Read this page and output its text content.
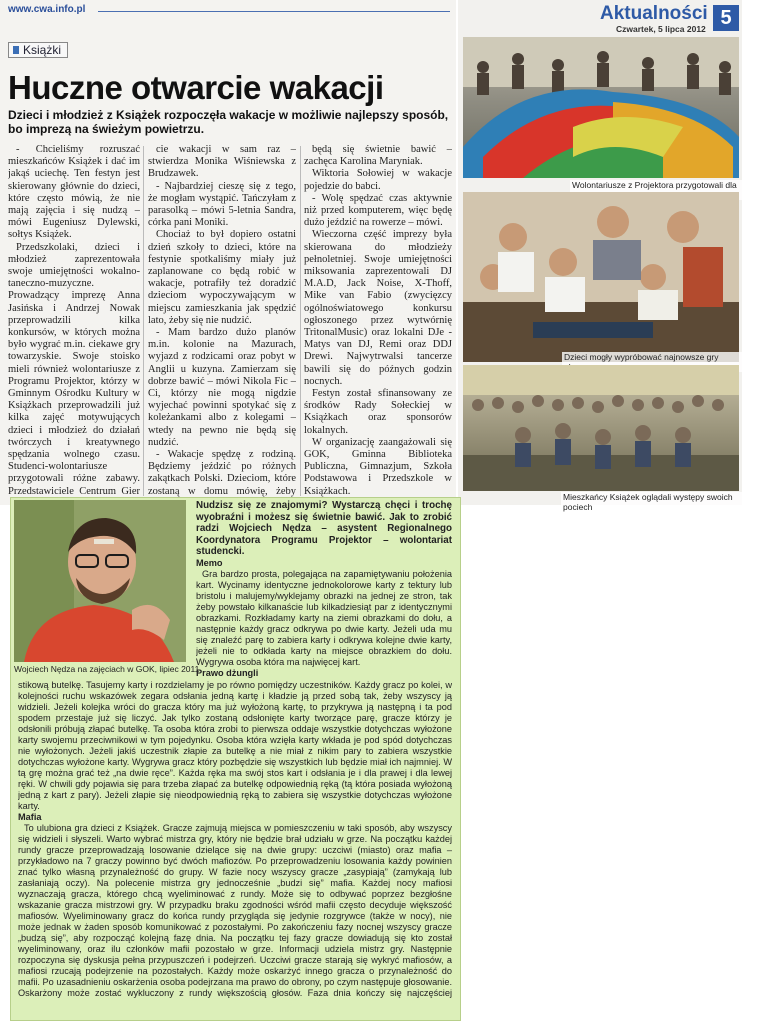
www.cwa.info.pl
Książki
Huczne otwarcie wakacji
Dzieci i młodzież z Książek rozpoczęła wakacje w możliwie najlepszy sposób, bo imprezą na świeżym powietrzu.

- Chcieliśmy rozruszać mieszkańców Książek i dać im jakąś uciechę. Ten festyn jest skierowany głównie do dzieci, które często mówią, że nie mają zajęcia i się nudzą – mówi Eugeniusz Dylewski, sołtys Książek.

Przedszkolaki, dzieci i młodzież zaprezentowała swoje umiejętności wokalno-taneczno-muzyczne. Prowadzący imprezę Anna Jasińska i Andrzej Nowak przeprowadzili kilka konkursów, w których można było wygrać m.in. ciekawe gry towarzyskie. Swoje stoisko mieli również wolontariusze z Programu Projektor, którzy w Gminnym Ośrodku Kultury w Książkach przeprowadzili już kilka zajęć motywujących dzieci i młodzież do działań twórczych i kreatywnego spędzania wolnego czasu. Studenci-wolontariusze przygotowali różne zabawy. Przedstawiciele Centrum Gier

cie wakacji w sam raz – stwierdza Monika Wiśniewska z Brudzawek.

- Najbardziej cieszę się z tego, że mogłam wystąpić. Tańczyłam z parasolką – mówi 5-letnia Sandra, córka pani Moniki.

Chociaż to był dopiero ostatni dzień szkoły to dzieci, które na festynie spotkaliśmy miały już zaplanowane co będą robić w wakacje, potrafiły też doradzić dzieciom wypoczywającym w miejscu zamieszkania jak spędzić lato, żeby się nie nudzić.

- Mam bardzo dużo planów m.in. kolonie na Mazurach, wyjazd z rodzicami oraz pobyt w Anglii u kuzyna. Zamierzam się dobrze bawić – mówi Nikola Fic – Ci, którzy nie mogą nigdzie wyjechać powinni spotykać się z koleżankami albo z kolegami – wtedy na pewno nie będą się nudzić.

- Wakacje spędzę z rodziną. Będziemy jeździć po różnych zakątkach Polski. Dzieciom, które zostaną w domu mówię, żeby

będą się świetnie bawić – zachęca Karolina Maryniak.

Wiktoria Sołowiej w wakacje pojedzie do babci.

- Wolę spędzać czas aktywnie niż przed komputerem, więc będę dużo jeździć na rowerze – mówi.

Wieczorna część imprezy była skierowana do młodzieży pełnoletniej. Swoje umiejętności miksowania zaprezentowali DJ M.A.D, Jack Noise, X-Thoff, Mike van Fabio (zwycięzcy ogólnoświatowego konkursu ogłoszonego przez wytwórnię TritonalMusic) oraz lokalni DJe - Matys van DJ, Remi oraz DDJ Drewi. Najwytrwalsi tancerze bawili się do późnych godzin nocnych.

Festyn został sfinansowany ze środków Rady Sołeckiej w Książkach oraz sponsorów lokalnych.

W organizację zaangażowali się GOK, Gminna Biblioteka Publiczna, Gimnazjum, Szkoła Podstawowa i Przedszkole w Książkach.

Aktualności 5
Czwartek, 5 lipca 2012
Wolontariusze z Projektora przygotowali dla
Dzieci mogły wypróbować najnowsze gry
Mieszkańcy Książek oglądali występy swoich pociech
Wojciech Nędza na zajęciach w GOK, lipiec 2011

Nudzisz się ze znajomymi? Wystarczą chęci i trochę wyobraźni i możesz się świetnie bawić. Jak to zrobić radzi Wojciech Nędza – asystent Regionalnego Koordynatora Programu Projektor – wolontariat studencki.

Memo

Gra bardzo prosta, polegająca na zapamiętywaniu położenia kart. Wycinamy identyczne jednokolorowe karty z tektury lub bristolu i malujemy/wyklejamy obrazki na jednej ze stron, tak żeby powstało kilkanaście lub kilkadziesiąt par z identycznymi obrazkami. Rozkładamy karty na ziemi obrazkami do dołu, a następnie każdy gracz odkrywa po dwie karty. Jeżeli uda mu się znaleźć parę to zabiera karty i odkrywa kolejne dwie karty, jeżeli nie to odkłada karty na miejsce obrazkiem do dołu. Wygrywa osoba która ma najwięcej kart.

Prawo dżungli

stikową butelkę. Tasujemy karty i rozdzielamy je po równo pomiędzy uczestników. Każdy gracz po kolei, w kolejności ruchu wskazówek zegara odsłania jedną kartę i kładzie ją przed sobą tak, żeby wszyscy ją widzieli. Jeżeli kolejka wróci do gracza który ma już wyłożoną kartę, to przykrywa ją następną i ta pod spodem przestaje już się liczyć. Jak tylko zostaną odsłonięte karty tworzące parę, gracze którzy je odsłonili próbują złapać butelkę. Ta osoba która zrobi to pierwsza oddaje wszystkie dotychczas wyłożone karty swojemu przeciwnikowi w tym pojedynku. Osoba która wzięła karty wkłada je pod spód dotychczas nie wyłożonych. Jeżeli jakiś uczestnik złapie za butelkę a nie miał z nikim pary to zabiera wszystkie dotychczas wyłożone karty. Wygrywa gracz który pozbędzie się wszystkich lub będzie miał ich najmniej. W tą grę można grać też „na dwie ręce”. Każda ręka ma swój stos kart i odsłania je i dla prawej i dla lewej ręki. W chwili gdy pojawia się para trzeba złapać za butelkę odpowiednią ręką (tą która posiada wyłożoną jedną z kart z pary). Jeżeli złapie się nieodpowiednią ręką to zabiera się wszystkie dotychczas wyłożone karty.

Mafia

To ulubiona gra dzieci z Książek. Gracze zajmują miejsca w pomieszczeniu w taki sposób, aby wszyscy się widzieli i słyszeli. Warto wybrać mistrza gry, który nie będzie brał udziału w grze. Na początku każdej rundy gracze przeprowadzają losowanie dzielące się na dwie grupy: uczciwi (miasto) oraz mafia – przykładowo na 7 graczy powinno być dwóch mafiozów. Po przeprowadzeniu losowania każdy powinien znać tylko własną przynależność do grupy. W fazie nocy wszyscy gracze „zasypiają” (zamykają lub zasłaniają oczy). Na polecenie mistrza gry jednocześnie „budzi się” mafia. Każdej nocy mafiosi wyznaczają gracza, którego chcą wyeliminować z rundy. Może się to odbywać poprzez bezgłośne wskazanie gracza mistrzowi gry. W przypadku braku zgodności wśród mafii często decyduje większość mafiosów. Wyeliminowany gracz do końca rundy przygląda się jedynie rozgrywce (także w nocy), nie może jednak w żaden sposób komunikować z pozostałymi. Po zakończeniu fazy nocnej wszyscy gracze „budzą się”, aby rozpocząć kolejną fazę dnia. Na początku tej fazy gracze dowiadują się kto został wyeliminowany, oraz ilu członków mafii pozostało w grze. Informacji udziela mistrz gry. Następnie rozpoczyna się dyskusja pełna przypuszczeń i podejrzeń. Uczciwi gracze starają się wykryć mafiosów, a mafiosi rzucają podejrzenie na pozostałych. Każdy może oskarżyć innego gracza o przynależność do mafii. Po uzasadnieniu oskarżenia osoba podejrzana ma prawo do obrony, po czym następuje głosowanie. Oskarżony może zostać wykluczony z rundy większością głosów. Faza dnia kończy się najczęściej
